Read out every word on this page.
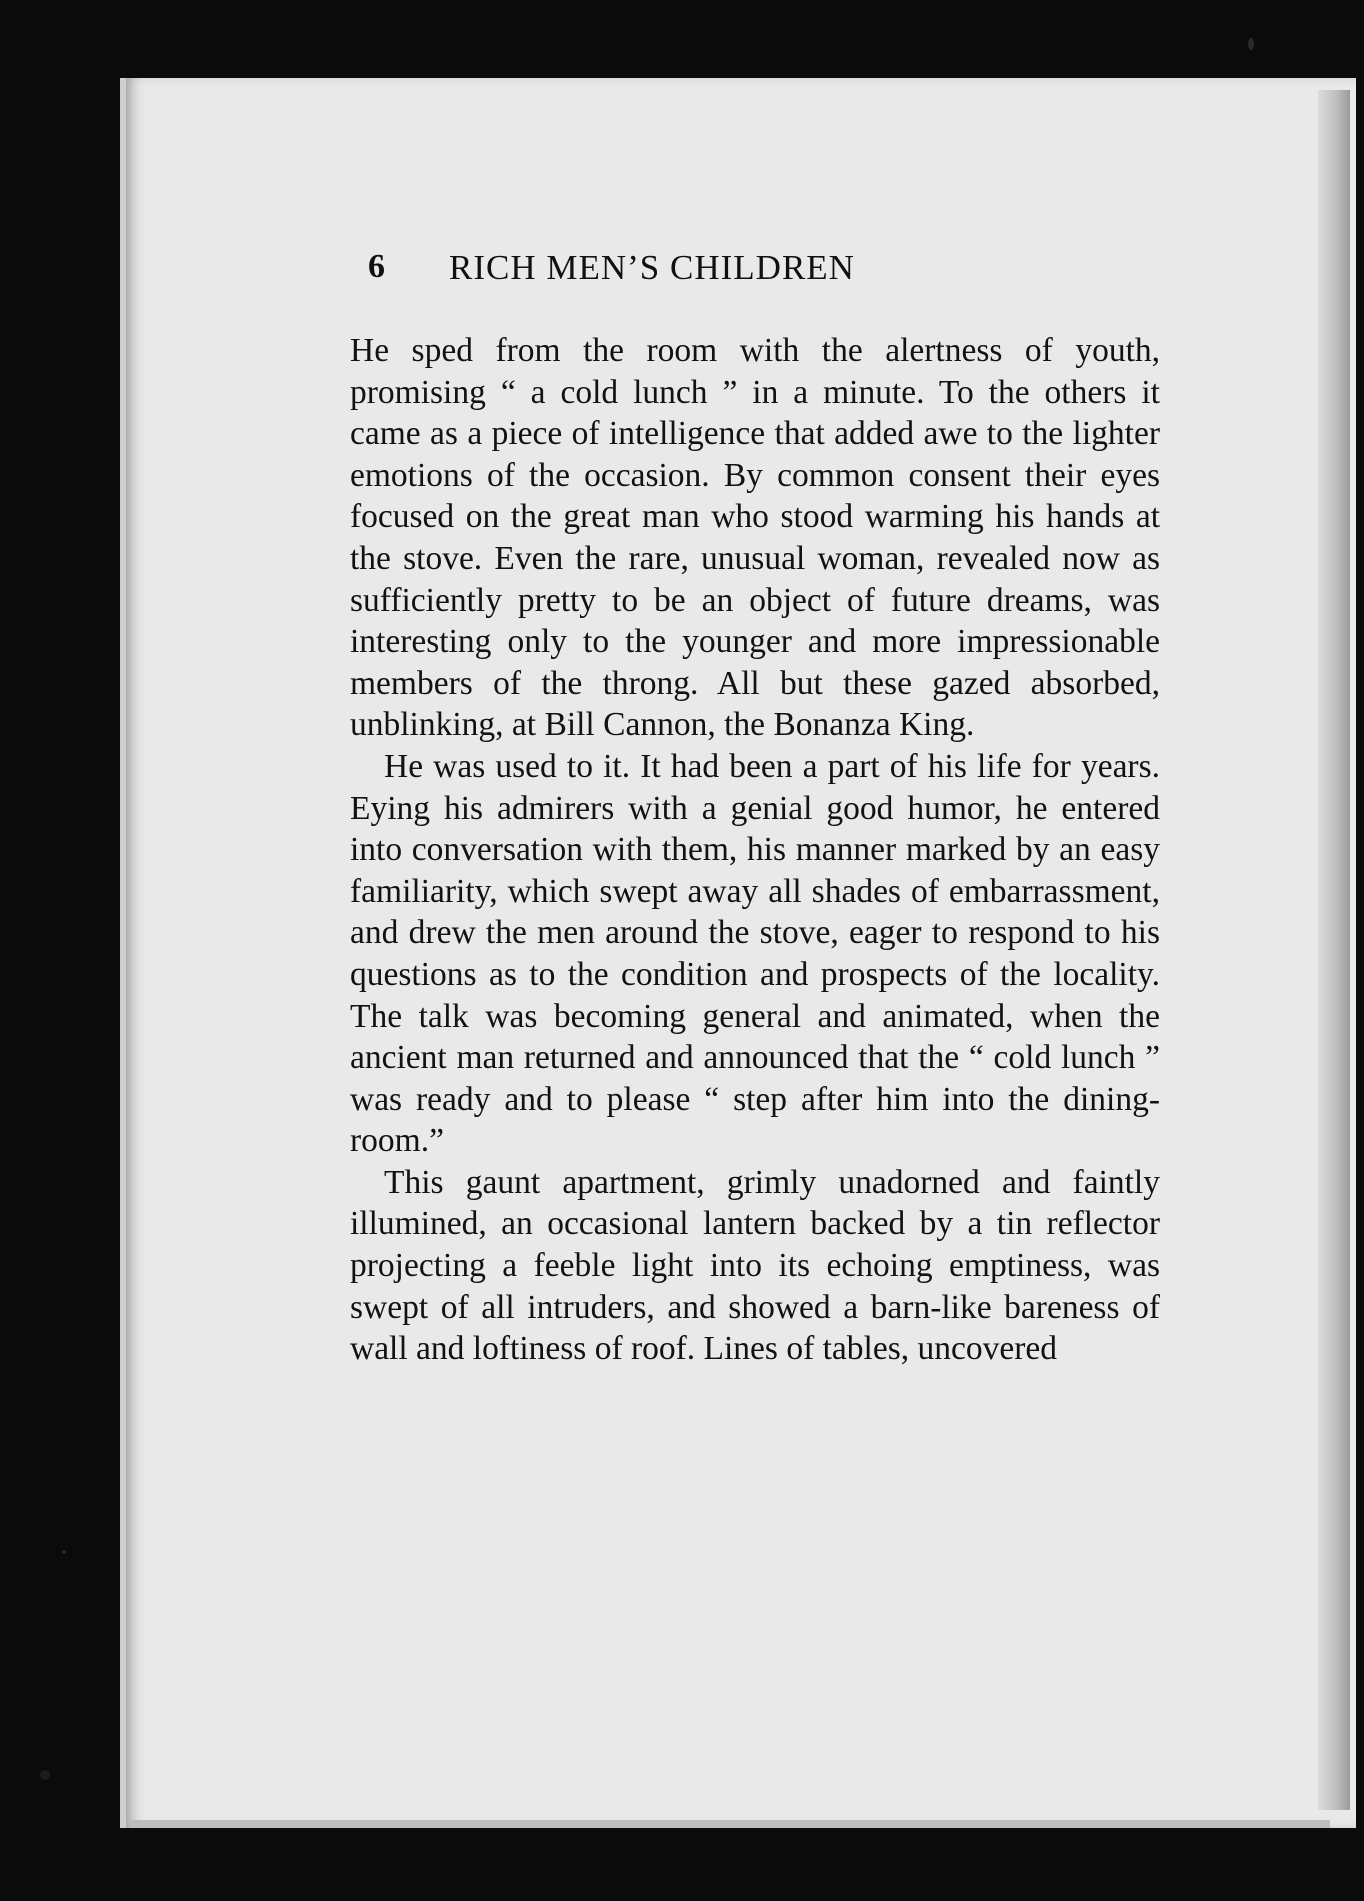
6 RICH MEN’S CHILDREN

He sped from the room with the alertness of youth, promising “ a cold lunch ” in a minute. To the others it came as a piece of intelligence that added awe to the lighter emotions of the occasion. By common consent their eyes focused on the great man who stood warming his hands at the stove. Even the rare, unusual woman, revealed now as sufficiently pretty to be an object of future dreams, was interesting only to the younger and more impressionable members of the throng. All but these gazed absorbed, unblinking, at Bill Cannon, the Bonanza King.

He was used to it. It had been a part of his life for years. Eying his admirers with a genial good humor, he entered into conversation with them, his manner marked by an easy familiarity, which swept away all shades of embarrassment, and drew the men around the stove, eager to respond to his questions as to the condition and prospects of the locality. The talk was becoming general and animated, when the ancient man returned and announced that the “ cold lunch ” was ready and to please “ step after him into the dining-room.”

This gaunt apartment, grimly unadorned and faintly illumined, an occasional lantern backed by a tin reflector projecting a feeble light into its echoing emptiness, was swept of all intruders, and showed a barn-like bareness of wall and loftiness of roof. Lines of tables, uncovered
